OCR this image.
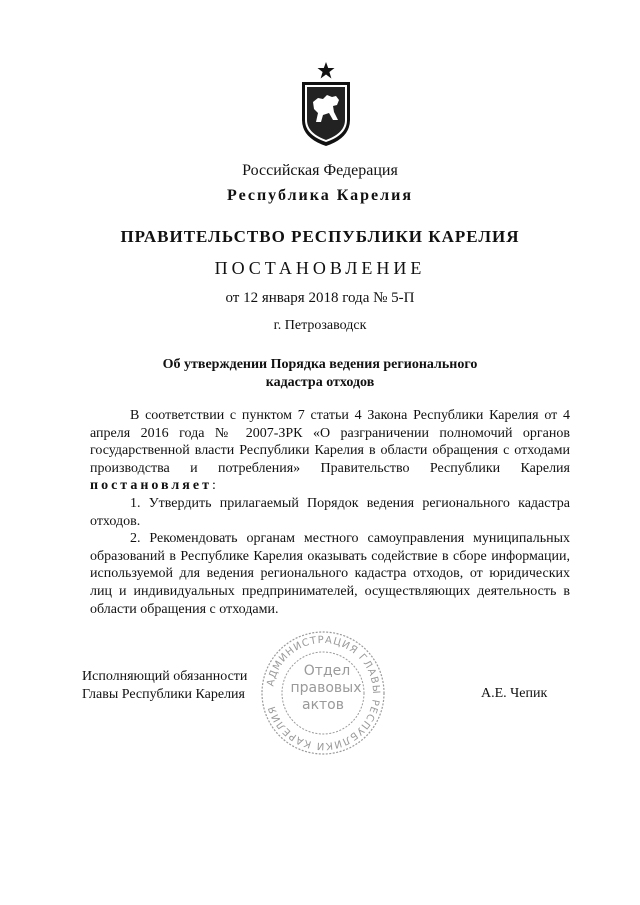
Российская Федерация
Республика Карелия
ПРАВИТЕЛЬСТВО РЕСПУБЛИКИ КАРЕЛИЯ
ПОСТАНОВЛЕНИЕ
от 12 января 2018 года № 5-П
г. Петрозаводск
Об утверждении Порядка ведения регионального
кадастра отходов

В соответствии с пунктом 7 статьи 4 Закона Республики Карелия от 4 апреля 2016 года № 2007-ЗРК «О разграничении полномочий органов государственной власти Республики Карелия в области обращения с отходами производства и потребления» Правительство Республики Карелия постановляет:

1. Утвердить прилагаемый Порядок ведения регионального кадастра отходов.

2. Рекомендовать органам местного самоуправления муниципальных образований в Республике Карелия оказывать содействие в сборе информации, используемой для ведения регионального кадастра отходов, от юридических лиц и индивидуальных предпринимателей, осуществляющих деятельность в области обращения с отходами.

Исполняющий обязанности
Главы Республики Карелия	А.Е. Чепик
АДМИНИСТРАЦИЯ ГЛАВЫ РЕСПУБЛИКИ КАРЕЛИЯ
Отдел
правовых
актов
